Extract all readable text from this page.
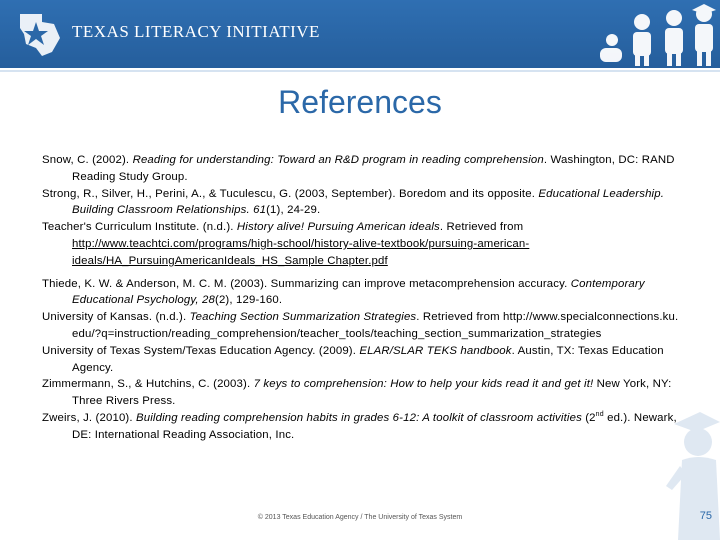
TEXAS LITERACY INITIATIVE
References

Snow, C. (2002). Reading for understanding: Toward an R&D program in reading comprehension. Washington, DC: RAND Reading Study Group.

Strong, R., Silver, H., Perini, A., & Tuculescu, G. (2003, September). Boredom and its opposite. Educational Leadership. Building Classroom Relationships. 61(1), 24-29.

Teacher's Curriculum Institute. (n.d.). History alive! Pursuing American ideals. Retrieved from http://www.teachtci.com/programs/high-school/history-alive-textbook/pursuing-american-ideals/HA_PursuingAmericanIdeals_HS_Sample Chapter.pdf

Thiede, K. W. & Anderson, M. C. M. (2003). Summarizing can improve metacomprehension accuracy. Contemporary Educational Psychology, 28(2), 129-160.

University of Kansas. (n.d.). Teaching Section Summarization Strategies. Retrieved from http://www.specialconnections.ku.edu/?q=instruction/reading_comprehension/teacher_tools/teaching_section_summarization_strategies

University of Texas System/Texas Education Agency. (2009). ELAR/SLAR TEKS handbook. Austin, TX: Texas Education Agency.

Zimmermann, S., & Hutchins, C. (2003). 7 keys to comprehension: How to help your kids read it and get it! New York, NY: Three Rivers Press.

Zweirs, J. (2010). Building reading comprehension habits in grades 6-12: A toolkit of classroom activities (2nd ed.). Newark, DE: International Reading Association, Inc.

© 2013 Texas Education Agency / The University of Texas System	75
